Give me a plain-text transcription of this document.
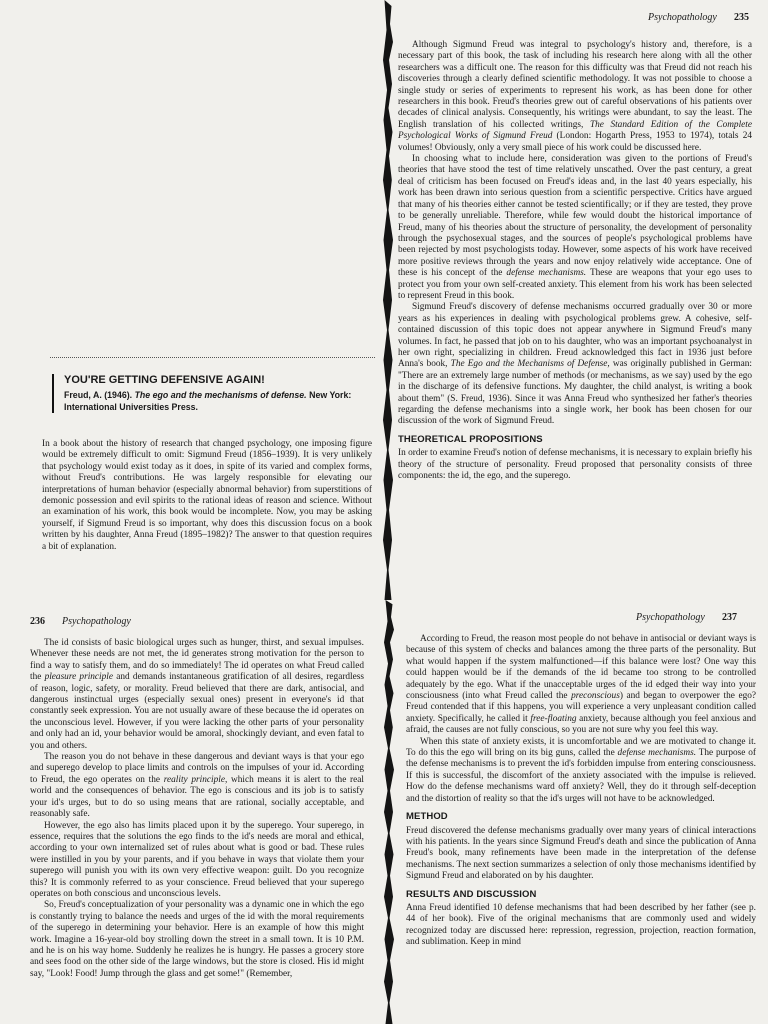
Psychopathology 235
YOU'RE GETTING DEFENSIVE AGAIN!
Freud, A. (1946). The ego and the mechanisms of defense. New York: International Universities Press.

In a book about the history of research that changed psychology, one imposing figure would be extremely difficult to omit: Sigmund Freud (1856–1939). It is very unlikely that psychology would exist today as it does, in spite of its varied and complex forms, without Freud's contributions. He was largely responsible for elevating our interpretations of human behavior (especially abnormal behavior) from superstitions of demonic possession and evil spirits to the rational ideas of reason and science. Without an examination of his work, this book would be incomplete. Now, you may be asking yourself, if Sigmund Freud is so important, why does this discussion focus on a book written by his daughter, Anna Freud (1895–1982)? The answer to that question requires a bit of explanation.

Although Sigmund Freud was integral to psychology's history and, therefore, is a necessary part of this book, the task of including his research here along with all the other researchers was a difficult one. The reason for this difficulty was that Freud did not reach his discoveries through a clearly defined scientific methodology. It was not possible to choose a single study or series of experiments to represent his work, as has been done for other researchers in this book. Freud's theories grew out of careful observations of his patients over decades of clinical analysis. Consequently, his writings were abundant, to say the least. The English translation of his collected writings, The Standard Edition of the Complete Psychological Works of Sigmund Freud (London: Hogarth Press, 1953 to 1974), totals 24 volumes! Obviously, only a very small piece of his work could be discussed here.

In choosing what to include here, consideration was given to the portions of Freud's theories that have stood the test of time relatively unscathed. Over the past century, a great deal of criticism has been focused on Freud's ideas and, in the last 40 years especially, his work has been drawn into serious question from a scientific perspective. Critics have argued that many of his theories either cannot be tested scientifically; or if they are tested, they prove to be generally unreliable. Therefore, while few would doubt the historical importance of Freud, many of his theories about the structure of personality, the development of personality through the psychosexual stages, and the sources of people's psychological problems have been rejected by most psychologists today. However, some aspects of his work have received more positive reviews through the years and now enjoy relatively wide acceptance. One of these is his concept of the defense mechanisms. These are weapons that your ego uses to protect you from your own self-created anxiety. This element from his work has been selected to represent Freud in this book.

Sigmund Freud's discovery of defense mechanisms occurred gradually over 30 or more years as his experiences in dealing with psychological problems grew. A cohesive, self-contained discussion of this topic does not appear anywhere in Sigmund Freud's many volumes. In fact, he passed that job on to his daughter, who was an important psychoanalyst in her own right, specializing in children. Freud acknowledged this fact in 1936 just before Anna's book, The Ego and the Mechanisms of Defense, was originally published in German: "There are an extremely large number of methods (or mechanisms, as we say) used by the ego in the discharge of its defensive functions. My daughter, the child analyst, is writing a book about them" (S. Freud, 1936). Since it was Anna Freud who synthesized her father's theories regarding the defense mechanisms into a single work, her book has been chosen for our discussion of the work of Sigmund Freud.

THEORETICAL PROPOSITIONS

In order to examine Freud's notion of defense mechanisms, it is necessary to explain briefly his theory of the structure of personality. Freud proposed that personality consists of three components: the id, the ego, and the superego.

236 Psychopathology

The id consists of basic biological urges such as hunger, thirst, and sexual impulses. Whenever these needs are not met, the id generates strong motivation for the person to find a way to satisfy them, and do so immediately! The id operates on what Freud called the pleasure principle and demands instantaneous gratification of all desires, regardless of reason, logic, safety, or morality. Freud believed that there are dark, antisocial, and dangerous instinctual urges (especially sexual ones) present in everyone's id that constantly seek expression. You are not usually aware of these because the id operates on the unconscious level. However, if you were lacking the other parts of your personality and only had an id, your behavior would be amoral, shockingly deviant, and even fatal to you and others.

The reason you do not behave in these dangerous and deviant ways is that your ego and superego develop to place limits and controls on the impulses of your id. According to Freud, the ego operates on the reality principle, which means it is alert to the real world and the consequences of behavior. The ego is conscious and its job is to satisfy your id's urges, but to do so using means that are rational, socially acceptable, and reasonably safe.

However, the ego also has limits placed upon it by the superego. Your superego, in essence, requires that the solutions the ego finds to the id's needs are moral and ethical, according to your own internalized set of rules about what is good or bad. These rules were instilled in you by your parents, and if you behave in ways that violate them your superego will punish you with its own very effective weapon: guilt. Do you recognize this? It is commonly referred to as your conscience. Freud believed that your superego operates on both conscious and unconscious levels.

So, Freud's conceptualization of your personality was a dynamic one in which the ego is constantly trying to balance the needs and urges of the id with the moral requirements of the superego in determining your behavior. Here is an example of how this might work. Imagine a 16-year-old boy strolling down the street in a small town. It is 10 P.M. and he is on his way home. Suddenly he realizes he is hungry. He passes a grocery store and sees food on the other side of the large windows, but the store is closed. His id might say, "Look! Food! Jump through the glass and get some!" (Remember,

Psychopathology 237

According to Freud, the reason most people do not behave in antisocial or deviant ways is because of this system of checks and balances among the three parts of the personality. But what would happen if the system malfunctioned—if this balance were lost? One way this could happen would be if the demands of the id became too strong to be controlled adequately by the ego. What if the unacceptable urges of the id edged their way into your consciousness (into what Freud called the preconscious) and began to overpower the ego? Freud contended that if this happens, you will experience a very unpleasant condition called anxiety. Specifically, he called it free-floating anxiety, because although you feel anxious and afraid, the causes are not fully conscious, so you are not sure why you feel this way.

When this state of anxiety exists, it is uncomfortable and we are motivated to change it. To do this the ego will bring on its big guns, called the defense mechanisms. The purpose of the defense mechanisms is to prevent the id's forbidden impulse from entering consciousness. If this is successful, the discomfort of the anxiety associated with the impulse is relieved. How do the defense mechanisms ward off anxiety? Well, they do it through self-deception and the distortion of reality so that the id's urges will not have to be acknowledged.

METHOD

Freud discovered the defense mechanisms gradually over many years of clinical interactions with his patients. In the years since Sigmund Freud's death and since the publication of Anna Freud's book, many refinements have been made in the interpretation of the defense mechanisms. The next section summarizes a selection of only those mechanisms identified by Sigmund Freud and elaborated on by his daughter.

RESULTS AND DISCUSSION

Anna Freud identified 10 defense mechanisms that had been described by her father (see p. 44 of her book). Five of the original mechanisms that are commonly used and widely recognized today are discussed here: repression, regression, projection, reaction formation, and sublimation. Keep in mind
